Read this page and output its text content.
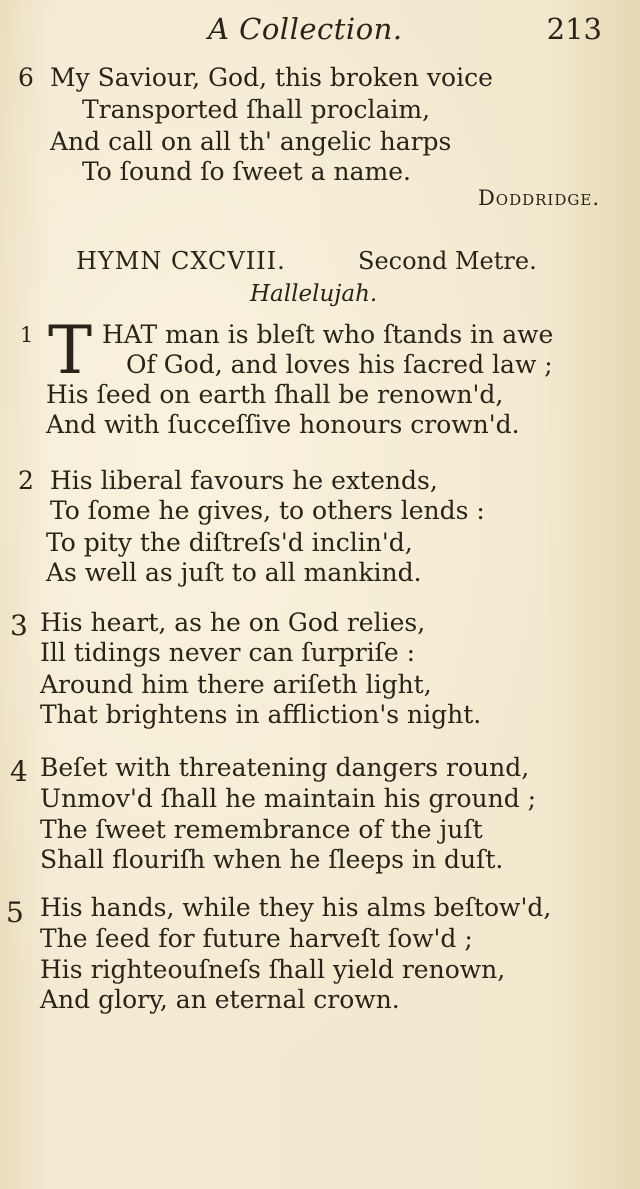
A Collection.	213
6 My Saviour, God, this broken voice
Transported ſhall proclaim,
And call on all th' angelic harps
To ſound ſo ſweet a name.
Doddridge.
HYMN CXCVIII.	Second Metre.
Hallelujah.
1 T HAT man is bleſt who ſtands in awe
Of God, and loves his ſacred law ;
His ſeed on earth ſhall be renown'd,
And with ſucceſſive honours crown'd.
2 His liberal favours he extends,
To ſome he gives, to others lends :
To pity the diſtreſs'd inclin'd,
As well as juſt to all mankind.
3 His heart, as he on God relies,
Ill tidings never can ſurpriſe :
Around him there ariſeth light,
That brightens in affliction's night.
4 Beſet with threatening dangers round,
Unmov'd ſhall he maintain his ground ;
The ſweet remembrance of the juſt
Shall flouriſh when he ſleeps in duſt.
5 His hands, while they his alms beſtow'd,
The ſeed for future harveſt ſow'd ;
His righteouſneſs ſhall yield renown,
And glory, an eternal crown.
